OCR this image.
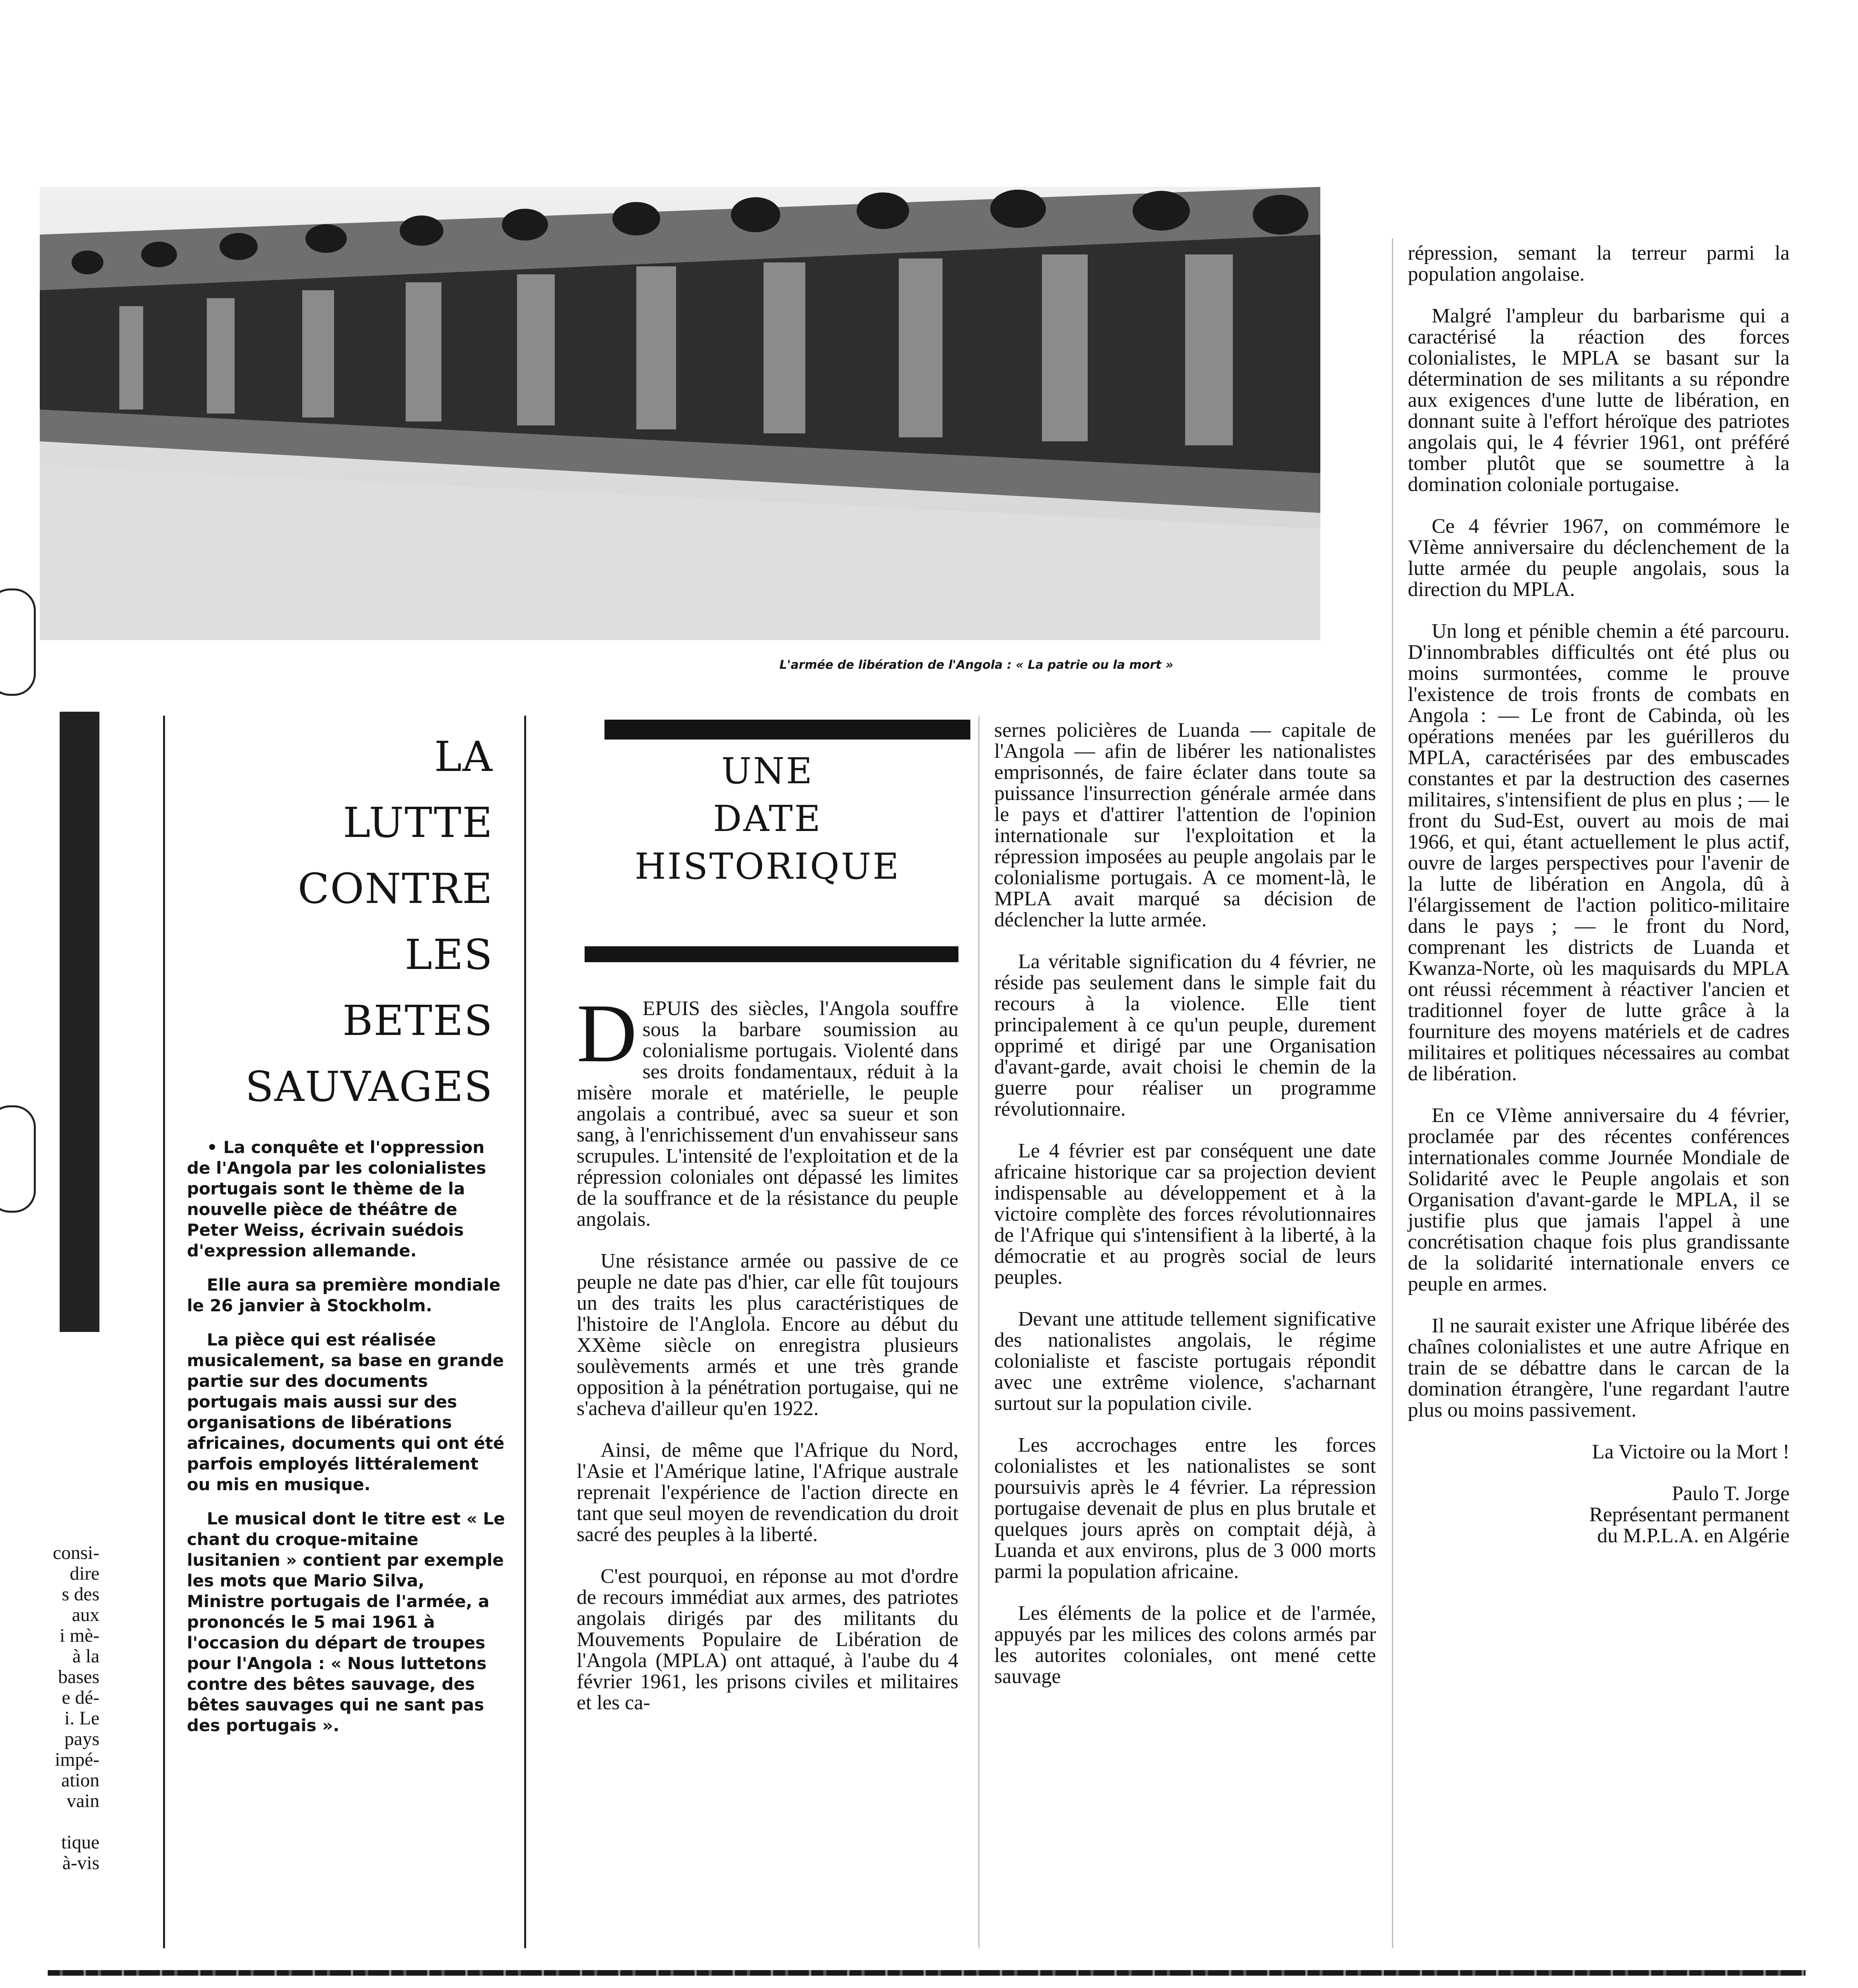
L'armée de libération de l'Angola : « La patrie ou la mort »
consi-
dire
s des
aux
i mè-
à la
bases
e dé-
i. Le
pays
impé-
ation
vain

tique
à-vis
LA
LUTTE
CONTRE
LES
BETES
SAUVAGES

• La conquête et l'oppression de l'Angola par les colonialistes portugais sont le thème de la nouvelle pièce de théâtre de Peter Weiss, écrivain suédois d'expression allemande.

Elle aura sa première mondiale le 26 janvier à Stockholm.

La pièce qui est réalisée musicalement, sa base en grande partie sur des documents portugais mais aussi sur des organisations de libérations africaines, documents qui ont été parfois employés littéralement ou mis en musique.

Le musical dont le titre est « Le chant du croque-mitaine lusitanien » contient par exemple les mots que Mario Silva, Ministre portugais de l'armée, a prononcés le 5 mai 1961 à l'occasion du départ de troupes pour l'Angola : « Nous luttetons contre des bêtes sauvage, des bêtes sauvages qui ne sant pas des portugais ».

UNE
DATE
HISTORIQUE

DEPUIS des siècles, l'Angola souffre sous la barbare soumission au colonialisme portugais. Violenté dans ses droits fondamentaux, réduit à la misère morale et matérielle, le peuple angolais a contribué, avec sa sueur et son sang, à l'enrichissement d'un envahisseur sans scrupules. L'intensité de l'exploitation et de la répression coloniales ont dépassé les limites de la souffrance et de la résistance du peuple angolais.

Une résistance armée ou passive de ce peuple ne date pas d'hier, car elle fût toujours un des traits les plus caractéristiques de l'histoire de l'Anglola. Encore au début du XXème siècle on enregistra plusieurs soulèvements armés et une très grande opposition à la pénétration portugaise, qui ne s'acheva d'ailleur qu'en 1922.

Ainsi, de même que l'Afrique du Nord, l'Asie et l'Amérique latine, l'Afrique australe reprenait l'expérience de l'action directe en tant que seul moyen de revendication du droit sacré des peuples à la liberté.

C'est pourquoi, en réponse au mot d'ordre de recours immédiat aux armes, des patriotes angolais dirigés par des militants du Mouvements Populaire de Libération de l'Angola (MPLA) ont attaqué, à l'aube du 4 février 1961, les prisons civiles et militaires et les ca-

sernes policières de Luanda — capitale de l'Angola — afin de libérer les nationalistes emprisonnés, de faire éclater dans toute sa puissance l'insurrection générale armée dans le pays et d'attirer l'attention de l'opinion internationale sur l'exploitation et la répression imposées au peuple angolais par le colonialisme portugais. A ce moment-là, le MPLA avait marqué sa décision de déclencher la lutte armée.

La véritable signification du 4 février, ne réside pas seulement dans le simple fait du recours à la violence. Elle tient principalement à ce qu'un peuple, durement opprimé et dirigé par une Organisation d'avant-garde, avait choisi le chemin de la guerre pour réaliser un programme révolutionnaire.

Le 4 février est par conséquent une date africaine historique car sa projection devient indispensable au développement et à la victoire complète des forces révolutionnaires de l'Afrique qui s'intensifient à la liberté, à la démocratie et au progrès social de leurs peuples.

Devant une attitude tellement significative des nationalistes angolais, le régime colonialiste et fasciste portugais répondit avec une extrême violence, s'acharnant surtout sur la population civile.

Les accrochages entre les forces colonialistes et les nationalistes se sont poursuivis après le 4 février. La répression portugaise devenait de plus en plus brutale et quelques jours après on comptait déjà, à Luanda et aux environs, plus de 3 000 morts parmi la population africaine.

Les éléments de la police et de l'armée, appuyés par les milices des colons armés par les autorites coloniales, ont mené cette sauvage

répression, semant la terreur parmi la population angolaise.

Malgré l'ampleur du barbarisme qui a caractérisé la réaction des forces colonialistes, le MPLA se basant sur la détermination de ses militants a su répondre aux exigences d'une lutte de libération, en donnant suite à l'effort héroïque des patriotes angolais qui, le 4 février 1961, ont préféré tomber plutôt que se soumettre à la domination coloniale portugaise.

Ce 4 février 1967, on commémore le VIème anniversaire du déclenchement de la lutte armée du peuple angolais, sous la direction du MPLA.

Un long et pénible chemin a été parcouru. D'innombrables difficultés ont été plus ou moins surmontées, comme le prouve l'existence de trois fronts de combats en Angola : — Le front de Cabinda, où les opérations menées par les guérilleros du MPLA, caractérisées par des embuscades constantes et par la destruction des casernes militaires, s'intensifient de plus en plus ; — le front du Sud-Est, ouvert au mois de mai 1966, et qui, étant actuellement le plus actif, ouvre de larges perspectives pour l'avenir de la lutte de libération en Angola, dû à l'élargissement de l'action politico-militaire dans le pays ; — le front du Nord, comprenant les districts de Luanda et Kwanza-Norte, où les maquisards du MPLA ont réussi récemment à réactiver l'ancien et traditionnel foyer de lutte grâce à la fourniture des moyens matériels et de cadres militaires et politiques nécessaires au combat de libération.

En ce VIème anniversaire du 4 février, proclamée par des récentes conférences internationales comme Journée Mondiale de Solidarité avec le Peuple angolais et son Organisation d'avant-garde le MPLA, il se justifie plus que jamais l'appel à une concrétisation chaque fois plus grandissante de la solidarité internationale envers ce peuple en armes.

Il ne saurait exister une Afrique libérée des chaînes colonialistes et une autre Afrique en train de se débattre dans le carcan de la domination étrangère, l'une regardant l'autre plus ou moins passivement.

La Victoire ou la Mort !

Paulo T. Jorge

Représentant permanent

du M.P.L.A. en Algérie
